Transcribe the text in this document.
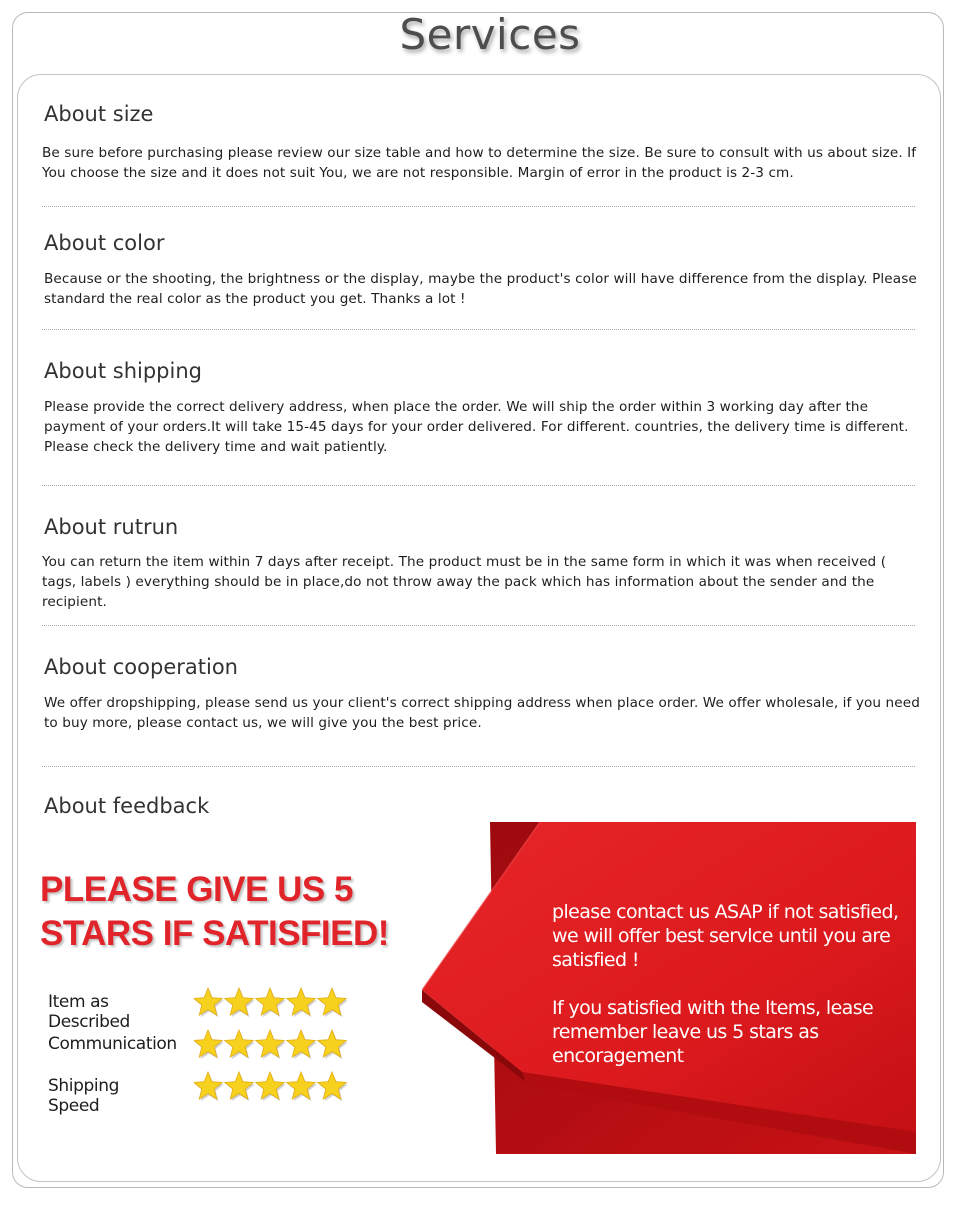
Services
About size
Be sure before purchasing please review our size table and how to determine the size. Be sure to consult with us about size. If You choose the size and it does not suit You, we are not responsible. Margin of error in the product is 2-3 cm.
About color
Because or the shooting, the brightness or the display, maybe the product's color will have difference from the display. Please standard the real color as the product you get. Thanks a lot !
About shipping
Please provide the correct delivery address, when place the order. We will ship the order within 3 working day after the payment of your orders.It will take 15-45 days for your order delivered. For different. countries, the delivery time is different. Please check the delivery time and wait patiently.
About rutrun
You can return the item within 7 days after receipt. The product must be in the same form in which it was when received ( tags, labels ) everything should be in place,do not throw away the pack which has information about the sender and the recipient.
About cooperation
We offer dropshipping, please send us your client's correct shipping address when place order. We offer wholesale, if you need to buy more, please contact us, we will give you the best price.
About feedback
PLEASE GIVE US 5
STARS IF SATISFIED!
Item as Described
Communication
Shipping Speed
please contact us ASAP if not satisfied, we will offer best servlce until you are satisfied !
If you satisfied with the ltems, lease remember leave us 5 stars as encoragement
